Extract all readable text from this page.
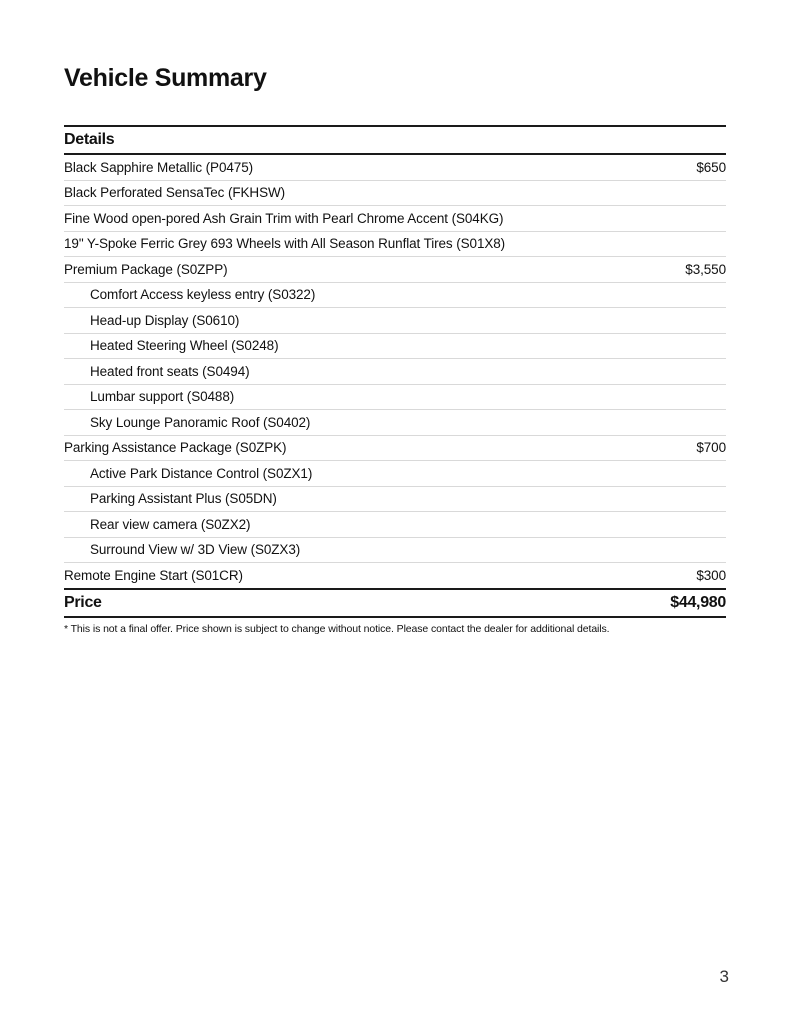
Vehicle Summary
Details
Black Sapphire Metallic (P0475)	$650
Black Perforated SensaTec (FKHSW)
Fine Wood open-pored Ash Grain Trim with Pearl Chrome Accent (S04KG)
19" Y-Spoke Ferric Grey 693 Wheels with All Season Runflat Tires (S01X8)
Premium Package (S0ZPP)	$3,550
Comfort Access keyless entry (S0322)
Head-up Display (S0610)
Heated Steering Wheel (S0248)
Heated front seats (S0494)
Lumbar support (S0488)
Sky Lounge Panoramic Roof (S0402)
Parking Assistance Package (S0ZPK)	$700
Active Park Distance Control (S0ZX1)
Parking Assistant Plus (S05DN)
Rear view camera (S0ZX2)
Surround View w/ 3D View (S0ZX3)
Remote Engine Start (S01CR)	$300
Price	$44,980
* This is not a final offer. Price shown is subject to change without notice. Please contact the dealer for additional details.
3
